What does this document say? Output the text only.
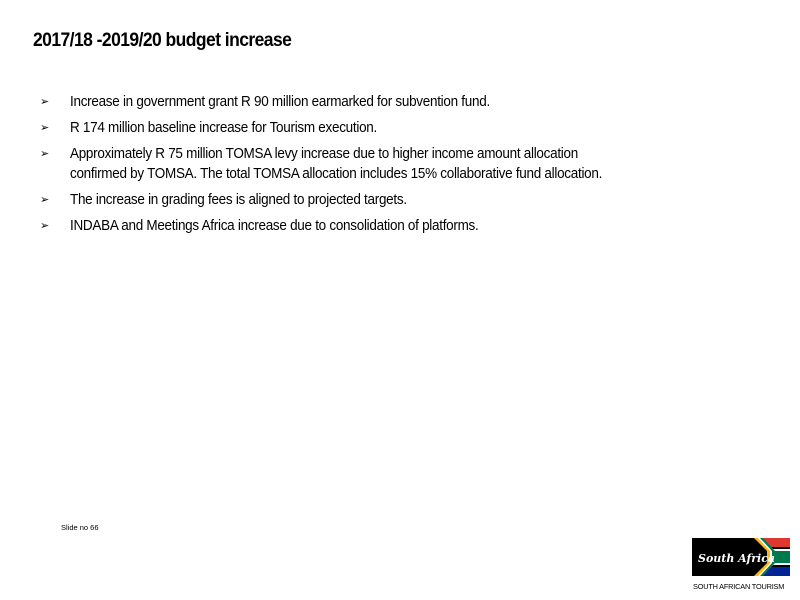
2017/18 -2019/20 budget increase
➢ Increase in government grant R 90 million earmarked for subvention fund.
➢ R 174 million baseline increase for Tourism execution.
➢ Approximately R 75 million TOMSA levy increase due to higher income amount allocation
confirmed by TOMSA. The total TOMSA allocation includes 15% collaborative fund allocation.
➢ The increase in grading fees is aligned to projected targets.
➢ INDABA and Meetings Africa increase due to consolidation of platforms.
Slide no 66
South Africa
SOUTH AFRICAN TOURISM
